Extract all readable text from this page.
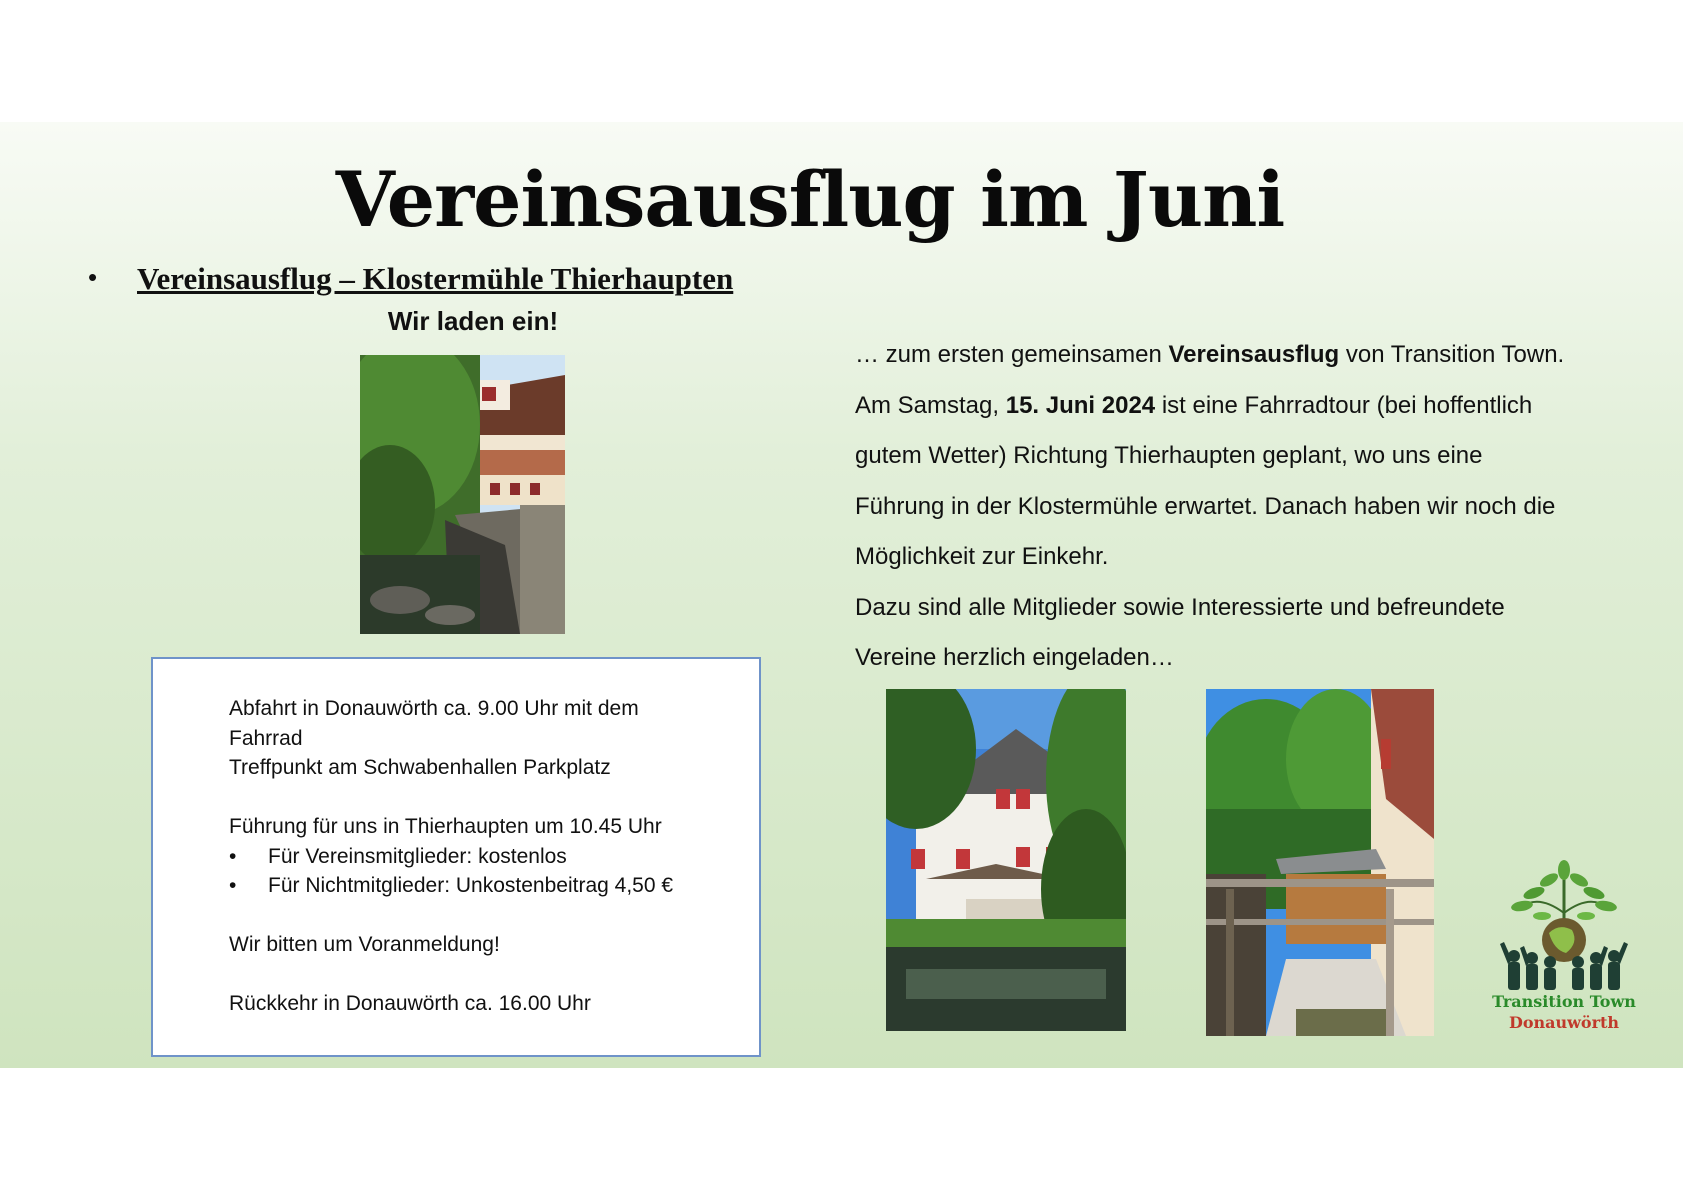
Vereinsausflug im Juni
• Vereinsausflug – Klostermühle Thierhaupten
Wir laden ein!
Abfahrt in Donauwörth ca. 9.00 Uhr mit dem
Fahrrad
Treffpunkt am Schwabenhallen Parkplatz
Führung für uns in Thierhaupten um 10.45 Uhr
• Für Vereinsmitglieder: kostenlos
• Für Nichtmitglieder: Unkostenbeitrag 4,50 €
Wir bitten um Voranmeldung!
Rückkehr in Donauwörth ca. 16.00 Uhr
… zum ersten gemeinsamen Vereinsausflug von Transition Town.
Am Samstag, 15. Juni 2024 ist eine Fahrradtour (bei hoffentlich
gutem Wetter) Richtung Thierhaupten geplant, wo uns eine
Führung in der Klostermühle erwartet. Danach haben wir noch die
Möglichkeit zur Einkehr.
Dazu sind alle Mitglieder sowie Interessierte und befreundete
Vereine herzlich eingeladen…
Transition Town
Donauwörth
